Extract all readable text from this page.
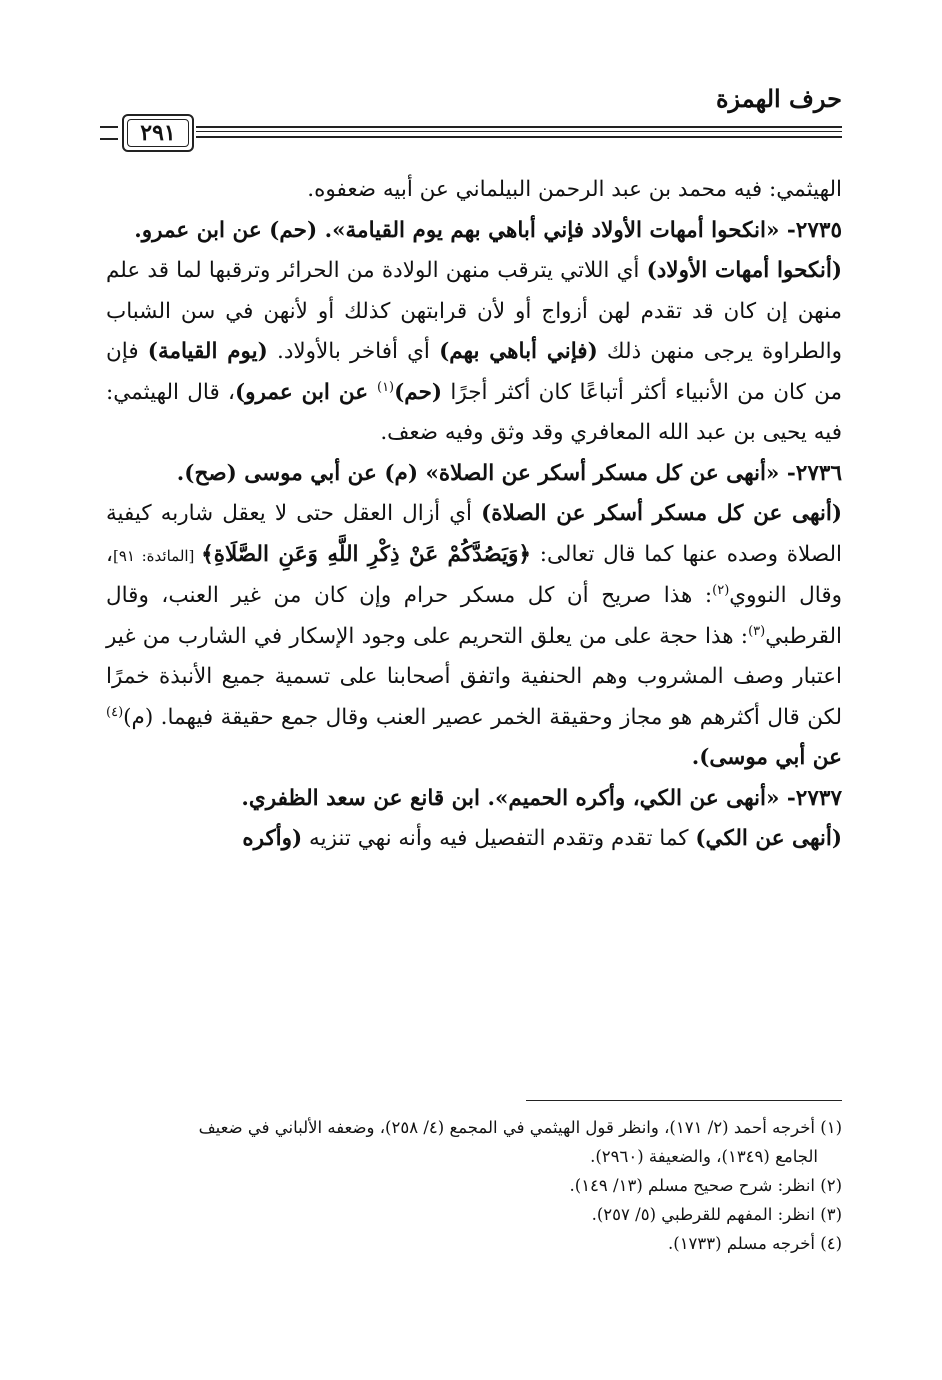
حرف الهمزة
٢٩١

الهيثمي: فيه محمد بن عبد الرحمن البيلماني عن أبيه ضعفوه.

٢٧٣٥- «انكحوا أمهات الأولاد فإني أباهي بهم يوم القيامة». (حم) عن ابن عمرو.

(أنكحوا أمهات الأولاد) أي اللاتي يترقب منهن الولادة من الحرائر وترقبها لما قد علم منهن إن كان قد تقدم لهن أزواج أو لأن قرابتهن كذلك أو لأنهن في سن الشباب والطراوة يرجى منهن ذلك (فإني أباهي بهم) أي أفاخر بالأولاد. (يوم القيامة) فإن من كان من الأنبياء أكثر أتباعًا كان أكثر أجرًا (حم)$^{(١)}$ عن ابن عمرو)، قال الهيثمي: فيه يحيى بن عبد الله المعافري وقد وثق وفيه ضعف.

٢٧٣٦- «أنهى عن كل مسكر أسكر عن الصلاة» (م) عن أبي موسى (صح).

(أنهى عن كل مسكر أسكر عن الصلاة) أي أزال العقل حتى لا يعقل شاربه كيفية الصلاة وصده عنها كما قال تعالى: ﴿وَيَصُدَّكُمْ عَنْ ذِكْرِ اللَّهِ وَعَنِ الصَّلَاةِ﴾ [المائدة: ٩١]، وقال النووي$^{(٢)}$: هذا صريح أن كل مسكر حرام وإن كان من غير العنب، وقال القرطبي$^{(٣)}$: هذا حجة على من يعلق التحريم على وجود الإسكار في الشارب من غير اعتبار وصف المشروب وهم الحنفية واتفق أصحابنا على تسمية جميع الأنبذة خمرًا لكن قال أكثرهم هو مجاز وحقيقة الخمر عصير العنب وقال جمع حقيقة فيهما. (م)$^{(٤)}$ عن أبي موسى).

٢٧٣٧- «أنهى عن الكي، وأكره الحميم». ابن قانع عن سعد الظفري.

(أنهى عن الكي) كما تقدم وتقدم التفصيل فيه وأنه نهي تنزيه (وأكره

(١) أخرجه أحمد (٢/ ١٧١)، وانظر قول الهيثمي في المجمع (٤/ ٢٥٨)، وضعفه الألباني في ضعيف

الجامع (١٣٤٩)، والضعيفة (٢٩٦٠).

(٢) انظر: شرح صحيح مسلم (١٣/ ١٤٩).

(٣) انظر: المفهم للقرطبي (٥/ ٢٥٧).

(٤) أخرجه مسلم (١٧٣٣).
